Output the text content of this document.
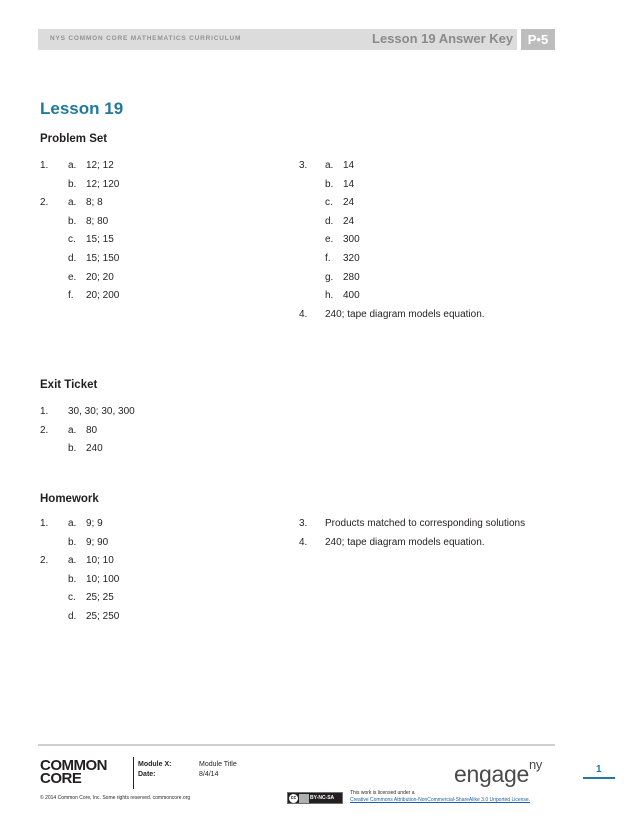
NYS COMMON CORE MATHEMATICS CURRICULUM	Lesson 19 Answer Key	P•5
Lesson 19
Problem Set
1. a. 12; 12
b. 12; 120
2. a. 8; 8
b. 8; 80
c. 15; 15
d. 15; 150
e. 20; 20
f. 20; 200
3. a. 14
b. 14
c. 24
d. 24
e. 300
f. 320
g. 280
h. 400
4. 240; tape diagram models equation.
Exit Ticket
1. 30, 30; 30, 300
2. a. 80
b. 240
Homework
1. a. 9; 9
b. 9; 90
2. a. 10; 10
b. 10; 100
c. 25; 25
d. 25; 250
3. Products matched to corresponding solutions
4. 240; tape diagram models equation.
COMMON
CORE
Module X:	Module Title
Date:	8/4/14	engage$^{ny}$	1
© 2014 Common Core, Inc. Some rights reserved. commoncore.org	cc	BY-NC-SA
This work is licensed under a
Creative Commons Attribution-NonCommercial-ShareAlike 3.0 Unported License.
